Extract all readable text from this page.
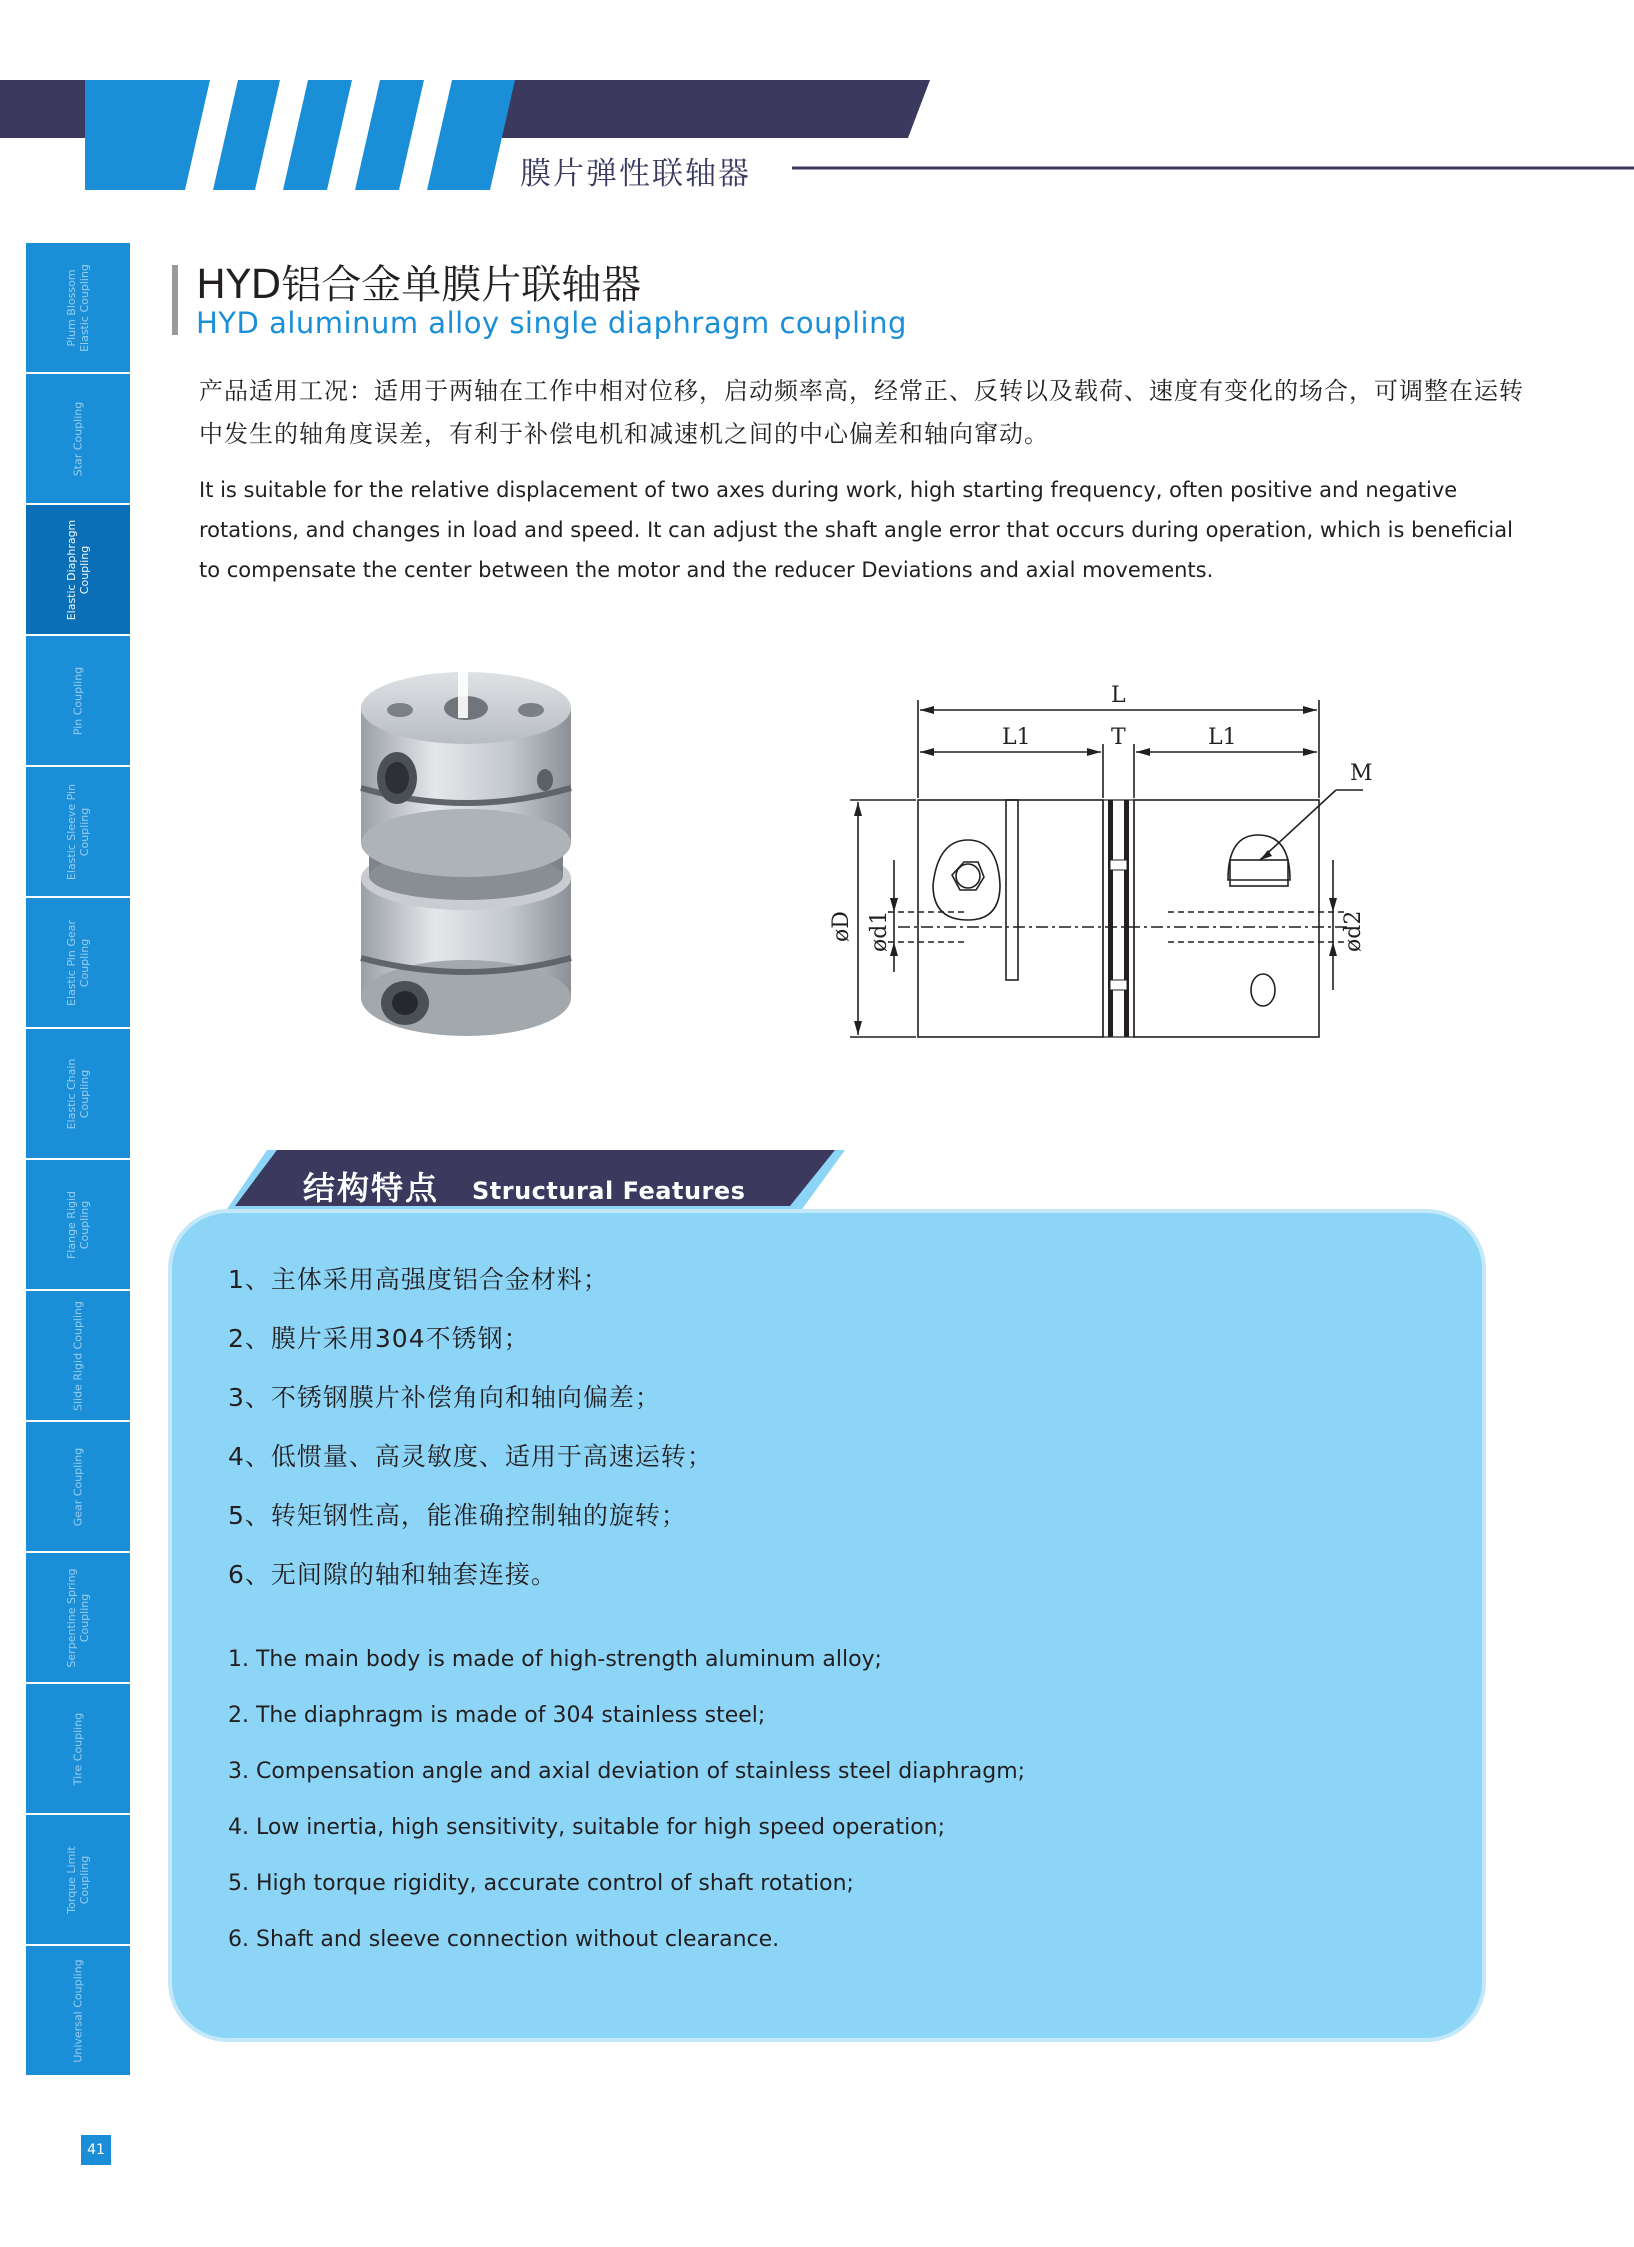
膜片弹性联轴器
Plum Blossom Elastic Coupling
Star Coupling
Elastic Diaphragm Coupling
Pin Coupling
Elastic Sleeve Pin Coupling
Elastic Pin Gear Coupling
Elastic Chain Coupling
Flange Rigid Coupling
Slide Rigid Coupling
Gear Coupling
Serpentine Spring Coupling
Tire Coupling
Torque Limit Coupling
Universal Coupling
41
HYD铝合金单膜片联轴器
HYD aluminum alloy single diaphragm coupling
产品适用工况：适用于两轴在工作中相对位移，启动频率高，经常正、反转以及载荷、速度有变化的场合，可调整在运转中发生的轴角度误差，有利于补偿电机和减速机之间的中心偏差和轴向窜动。
It is suitable for the relative displacement of two axes during work, high starting frequency, often positive and negative rotations, and changes in load and speed. It can adjust the shaft angle error that occurs during operation, which is beneficial to compensate the center between the motor and the reducer Deviations and axial movements.
L
L1	T	L1
M
øD ød1	ød2
结构特点 Structural Features
1、主体采用高强度铝合金材料；
2、膜片采用304不锈钢；
3、不锈钢膜片补偿角向和轴向偏差；
4、低惯量、高灵敏度、适用于高速运转；
5、转矩钢性高，能准确控制轴的旋转；
6、无间隙的轴和轴套连接。
1. The main body is made of high-strength aluminum alloy;
2. The diaphragm is made of 304 stainless steel;
3. Compensation angle and axial deviation of stainless steel diaphragm;
4. Low inertia, high sensitivity, suitable for high speed operation;
5. High torque rigidity, accurate control of shaft rotation;
6. Shaft and sleeve connection without clearance.
